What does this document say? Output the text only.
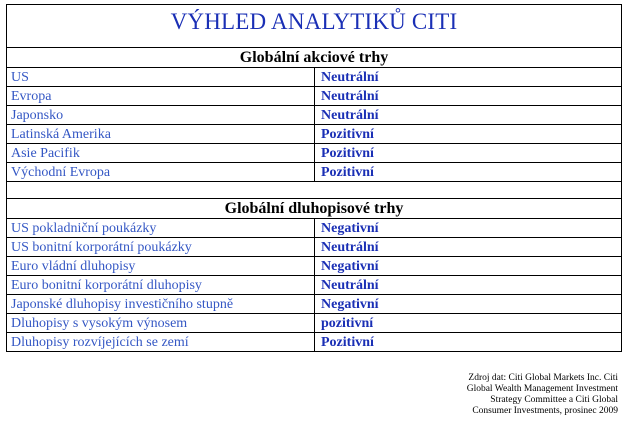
VÝHLED ANALYTIKŮ CITI	
Globální akciové trhy	
US	Neutrální
Evropa	Neutrální
Japonsko	Neutrální
Latinská Amerika	Pozitivní
Asie Pacifik	Pozitivní
Východní Evropa	Pozitivní

Globální dluhopisové trhy	
US pokladniční poukázky	Negativní
US bonitní korporátní poukázky	Neutrální
Euro vládní dluhopisy	Negativní
Euro bonitní korporátní dluhopisy	Neutrální
Japonské dluhopisy investičního stupně	Negativní
Dluhopisy s vysokým výnosem	pozitivní
Dluhopisy rozvíjejících se zemí	Pozitivní
Zdroj dat: Citi Global Markets Inc. Citi
Global Wealth Management Investment
Strategy Committee a Citi Global
Consumer Investments, prosinec 2009
